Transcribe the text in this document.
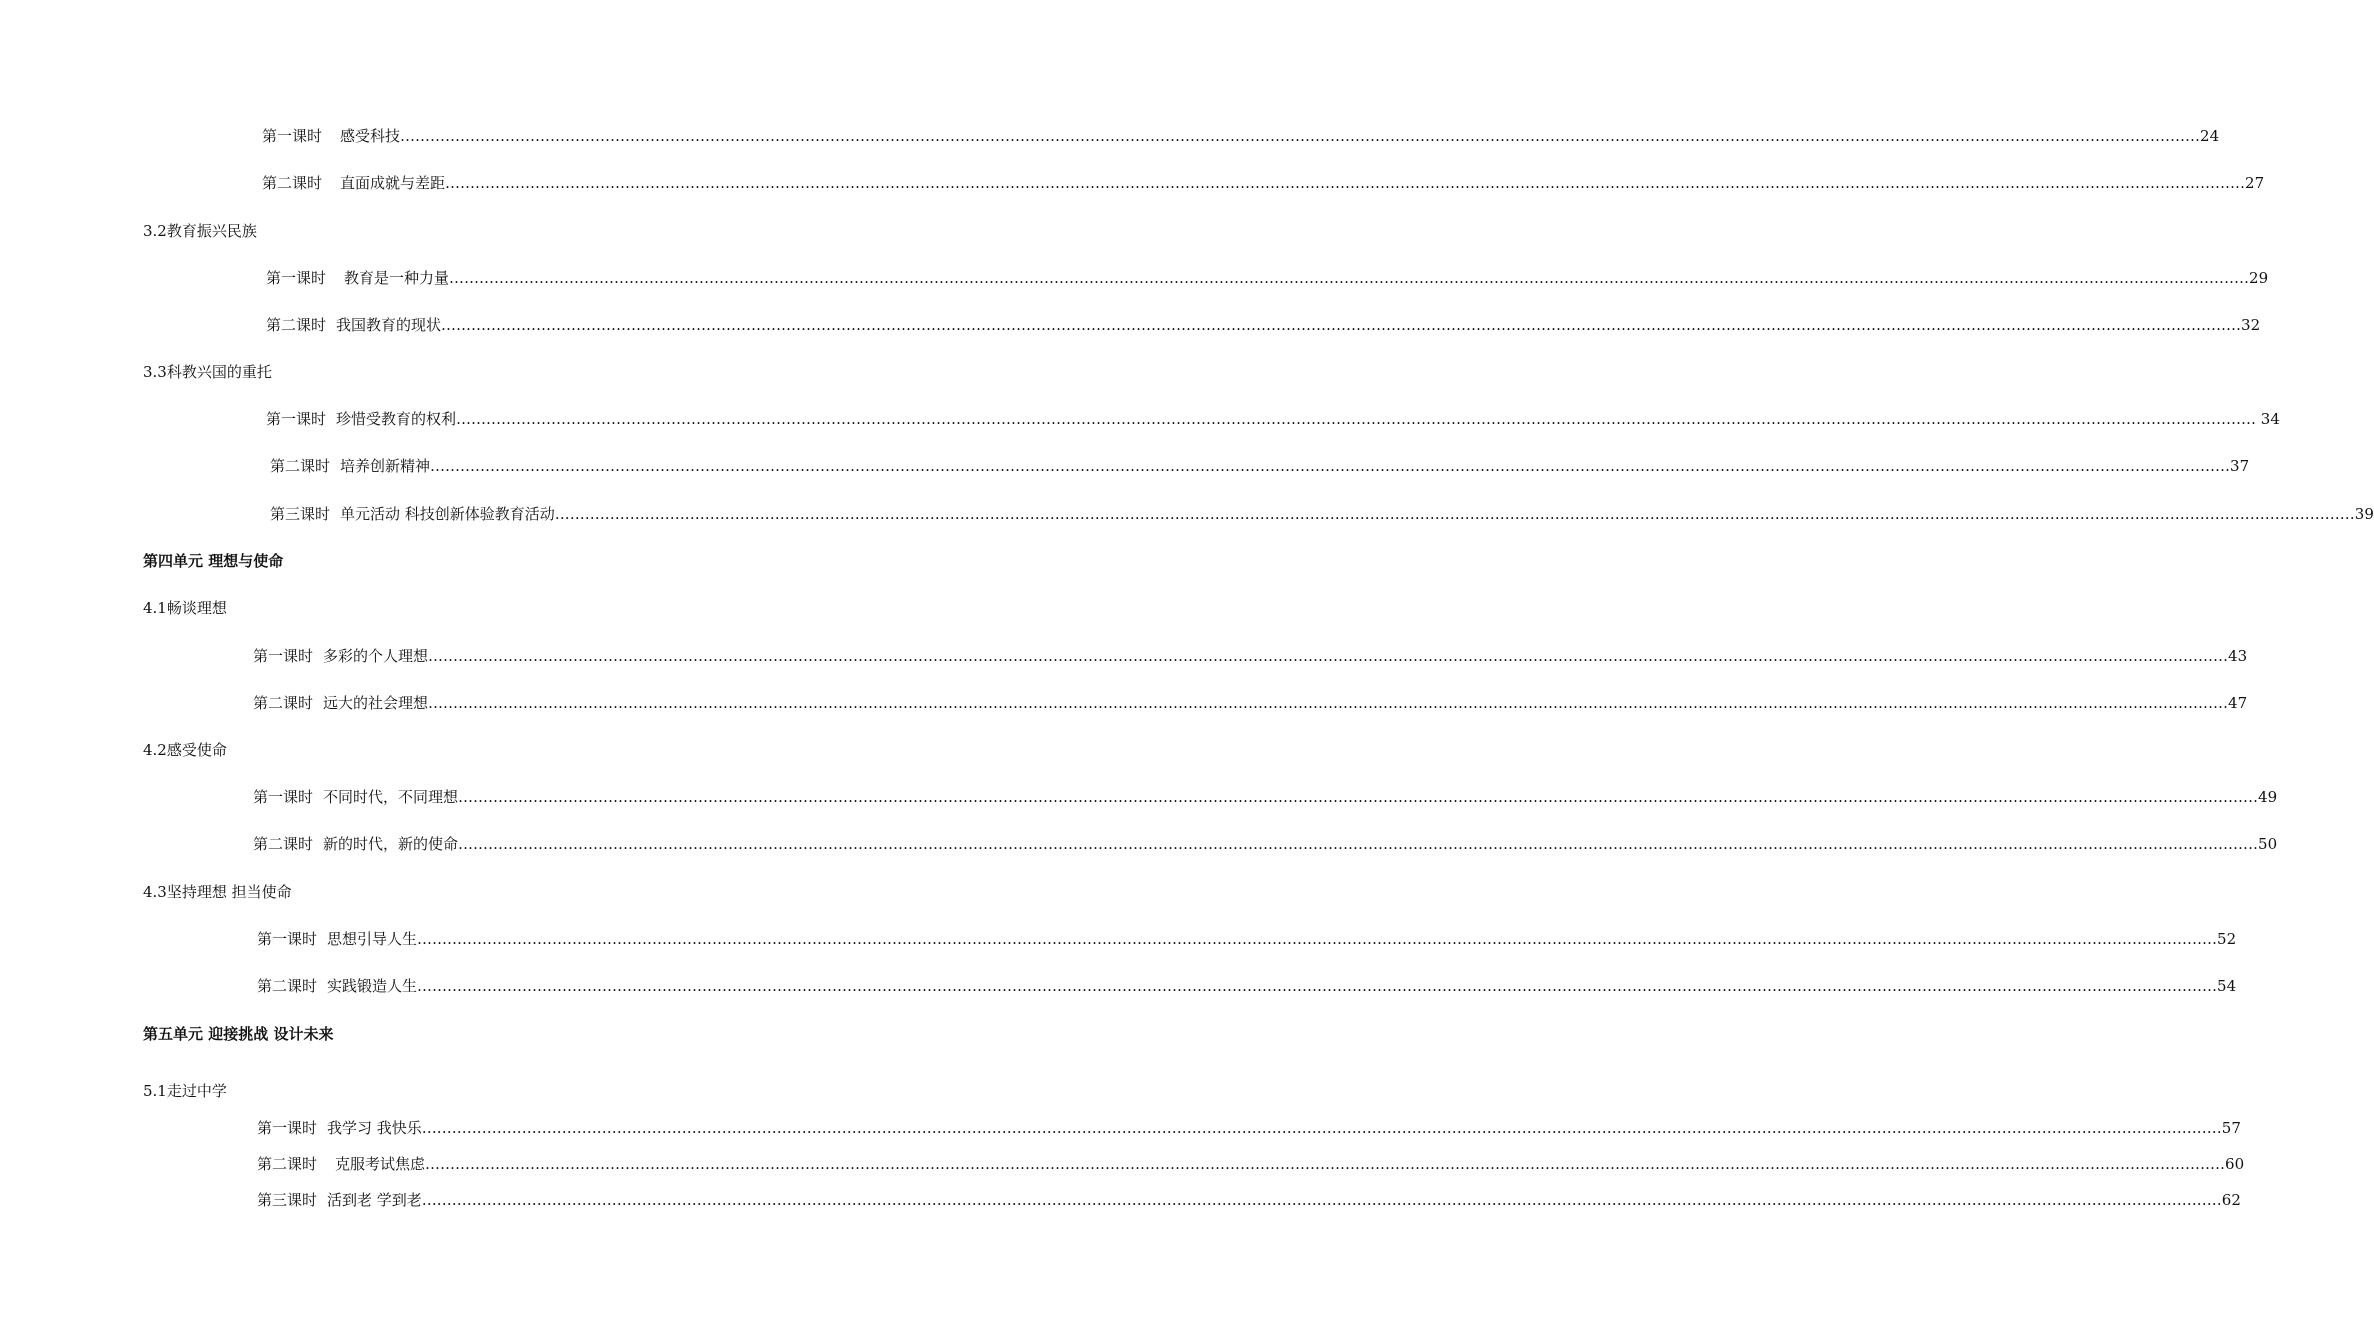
第一课时 感受科技 ……………………………………………………………………………………………………………………………………………………………………………………………………………………………………………………………………………………………………………………………… 24
第二课时 直面成就与差距 ……………………………………………………………………………………………………………………………………………………………………………………………………………………………………………………………………………………………………………………………… 27
3.2教育振兴民族
第一课时 教育是一种力量 ……………………………………………………………………………………………………………………………………………………………………………………………………………………………………………………………………………………………………………………………… 29
第二课时 我国教育的现状 ……………………………………………………………………………………………………………………………………………………………………………………………………………………………………………………………………………………………………………………………… 32
3.3科教兴国的重托
第一课时 珍惜受教育的权利 ……………………………………………………………………………………………………………………………………………………………………………………………………………………………………………………………………………………………………………………………… 34
第二课时 培养创新精神 ……………………………………………………………………………………………………………………………………………………………………………………………………………………………………………………………………………………………………………………………… 37
第三课时 单元活动 科技创新体验教育活动 ……………………………………………………………………………………………………………………………………………………………………………………………………………………………………………………………………………………………………………………………… 39
第四单元 理想与使命
4.1畅谈理想
第一课时 多彩的个人理想 ……………………………………………………………………………………………………………………………………………………………………………………………………………………………………………………………………………………………………………………………… 43
第二课时 远大的社会理想 ……………………………………………………………………………………………………………………………………………………………………………………………………………………………………………………………………………………………………………………………… 47
4.2感受使命
第一课时 不同时代，不同理想 ……………………………………………………………………………………………………………………………………………………………………………………………………………………………………………………………………………………………………………………………… 49
第二课时 新的时代，新的使命 ……………………………………………………………………………………………………………………………………………………………………………………………………………………………………………………………………………………………………………………………… 50
4.3坚持理想 担当使命
第一课时 思想引导人生 ……………………………………………………………………………………………………………………………………………………………………………………………………………………………………………………………………………………………………………………………… 52
第二课时 实践锻造人生 ……………………………………………………………………………………………………………………………………………………………………………………………………………………………………………………………………………………………………………………………… 54
第五单元 迎接挑战 设计未来
5.1走过中学
第一课时 我学习 我快乐 ……………………………………………………………………………………………………………………………………………………………………………………………………………………………………………………………………………………………………………………………… 57
第二课时 克服考试焦虑 ……………………………………………………………………………………………………………………………………………………………………………………………………………………………………………………………………………………………………………………………… 60
第三课时 活到老 学到老 ……………………………………………………………………………………………………………………………………………………………………………………………………………………………………………………………………………………………………………………………… 62
